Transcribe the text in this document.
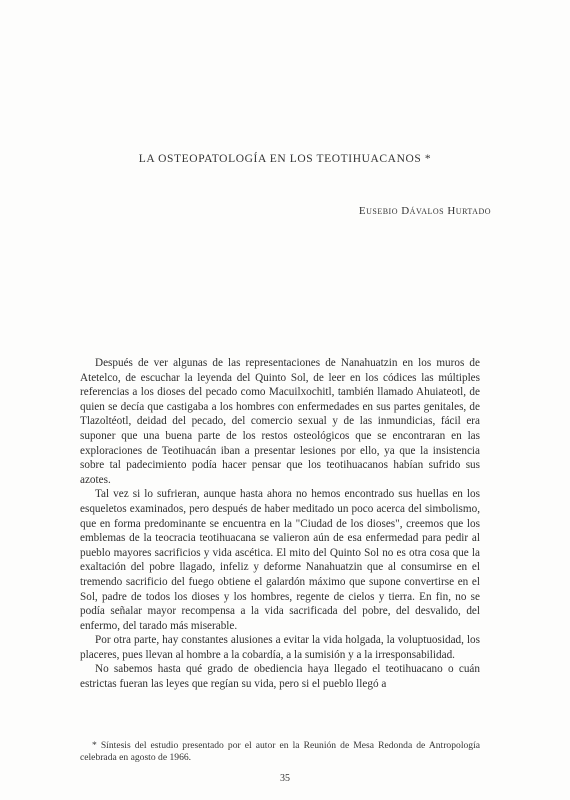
LA OSTEOPATOLOGÍA EN LOS TEOTIHUACANOS *
Eusebio Dávalos Hurtado

Después de ver algunas de las representaciones de Nanahuatzin en los muros de Atetelco, de escuchar la leyenda del Quinto Sol, de leer en los códices las múltiples referencias a los dioses del pecado como Macuilxochitl, también llamado Ahuiateotl, de quien se decía que castigaba a los hombres con enfermedades en sus partes genitales, de Tlazoltéotl, deidad del pecado, del comercio sexual y de las inmundicias, fácil era suponer que una buena parte de los restos osteológicos que se encontraran en las exploraciones de Teotihuacán iban a presentar lesiones por ello, ya que la insistencia sobre tal padecimiento podía hacer pensar que los teotihuacanos habían sufrido sus azotes.

Tal vez si lo sufrieran, aunque hasta ahora no hemos encontrado sus huellas en los esqueletos examinados, pero después de haber meditado un poco acerca del simbolismo, que en forma predominante se encuentra en la "Ciudad de los dioses", creemos que los emblemas de la teocracia teotihuacana se valieron aún de esa enfermedad para pedir al pueblo mayores sacrificios y vida ascética. El mito del Quinto Sol no es otra cosa que la exaltación del pobre llagado, infeliz y deforme Nanahuatzin que al consumirse en el tremendo sacrificio del fuego obtiene el galardón máximo que supone convertirse en el Sol, padre de todos los dioses y los hombres, regente de cielos y tierra. En fin, no se podía señalar mayor recompensa a la vida sacrificada del pobre, del desvalido, del enfermo, del tarado más miserable.

Por otra parte, hay constantes alusiones a evitar la vida holgada, la voluptuosidad, los placeres, pues llevan al hombre a la cobardía, a la sumisión y a la irresponsabilidad.

No sabemos hasta qué grado de obediencia haya llegado el teotihuacano o cuán estrictas fueran las leyes que regían su vida, pero si el pueblo llegó a

* Síntesis del estudio presentado por el autor en la Reunión de Mesa Redonda de Antropología celebrada en agosto de 1966.
35
